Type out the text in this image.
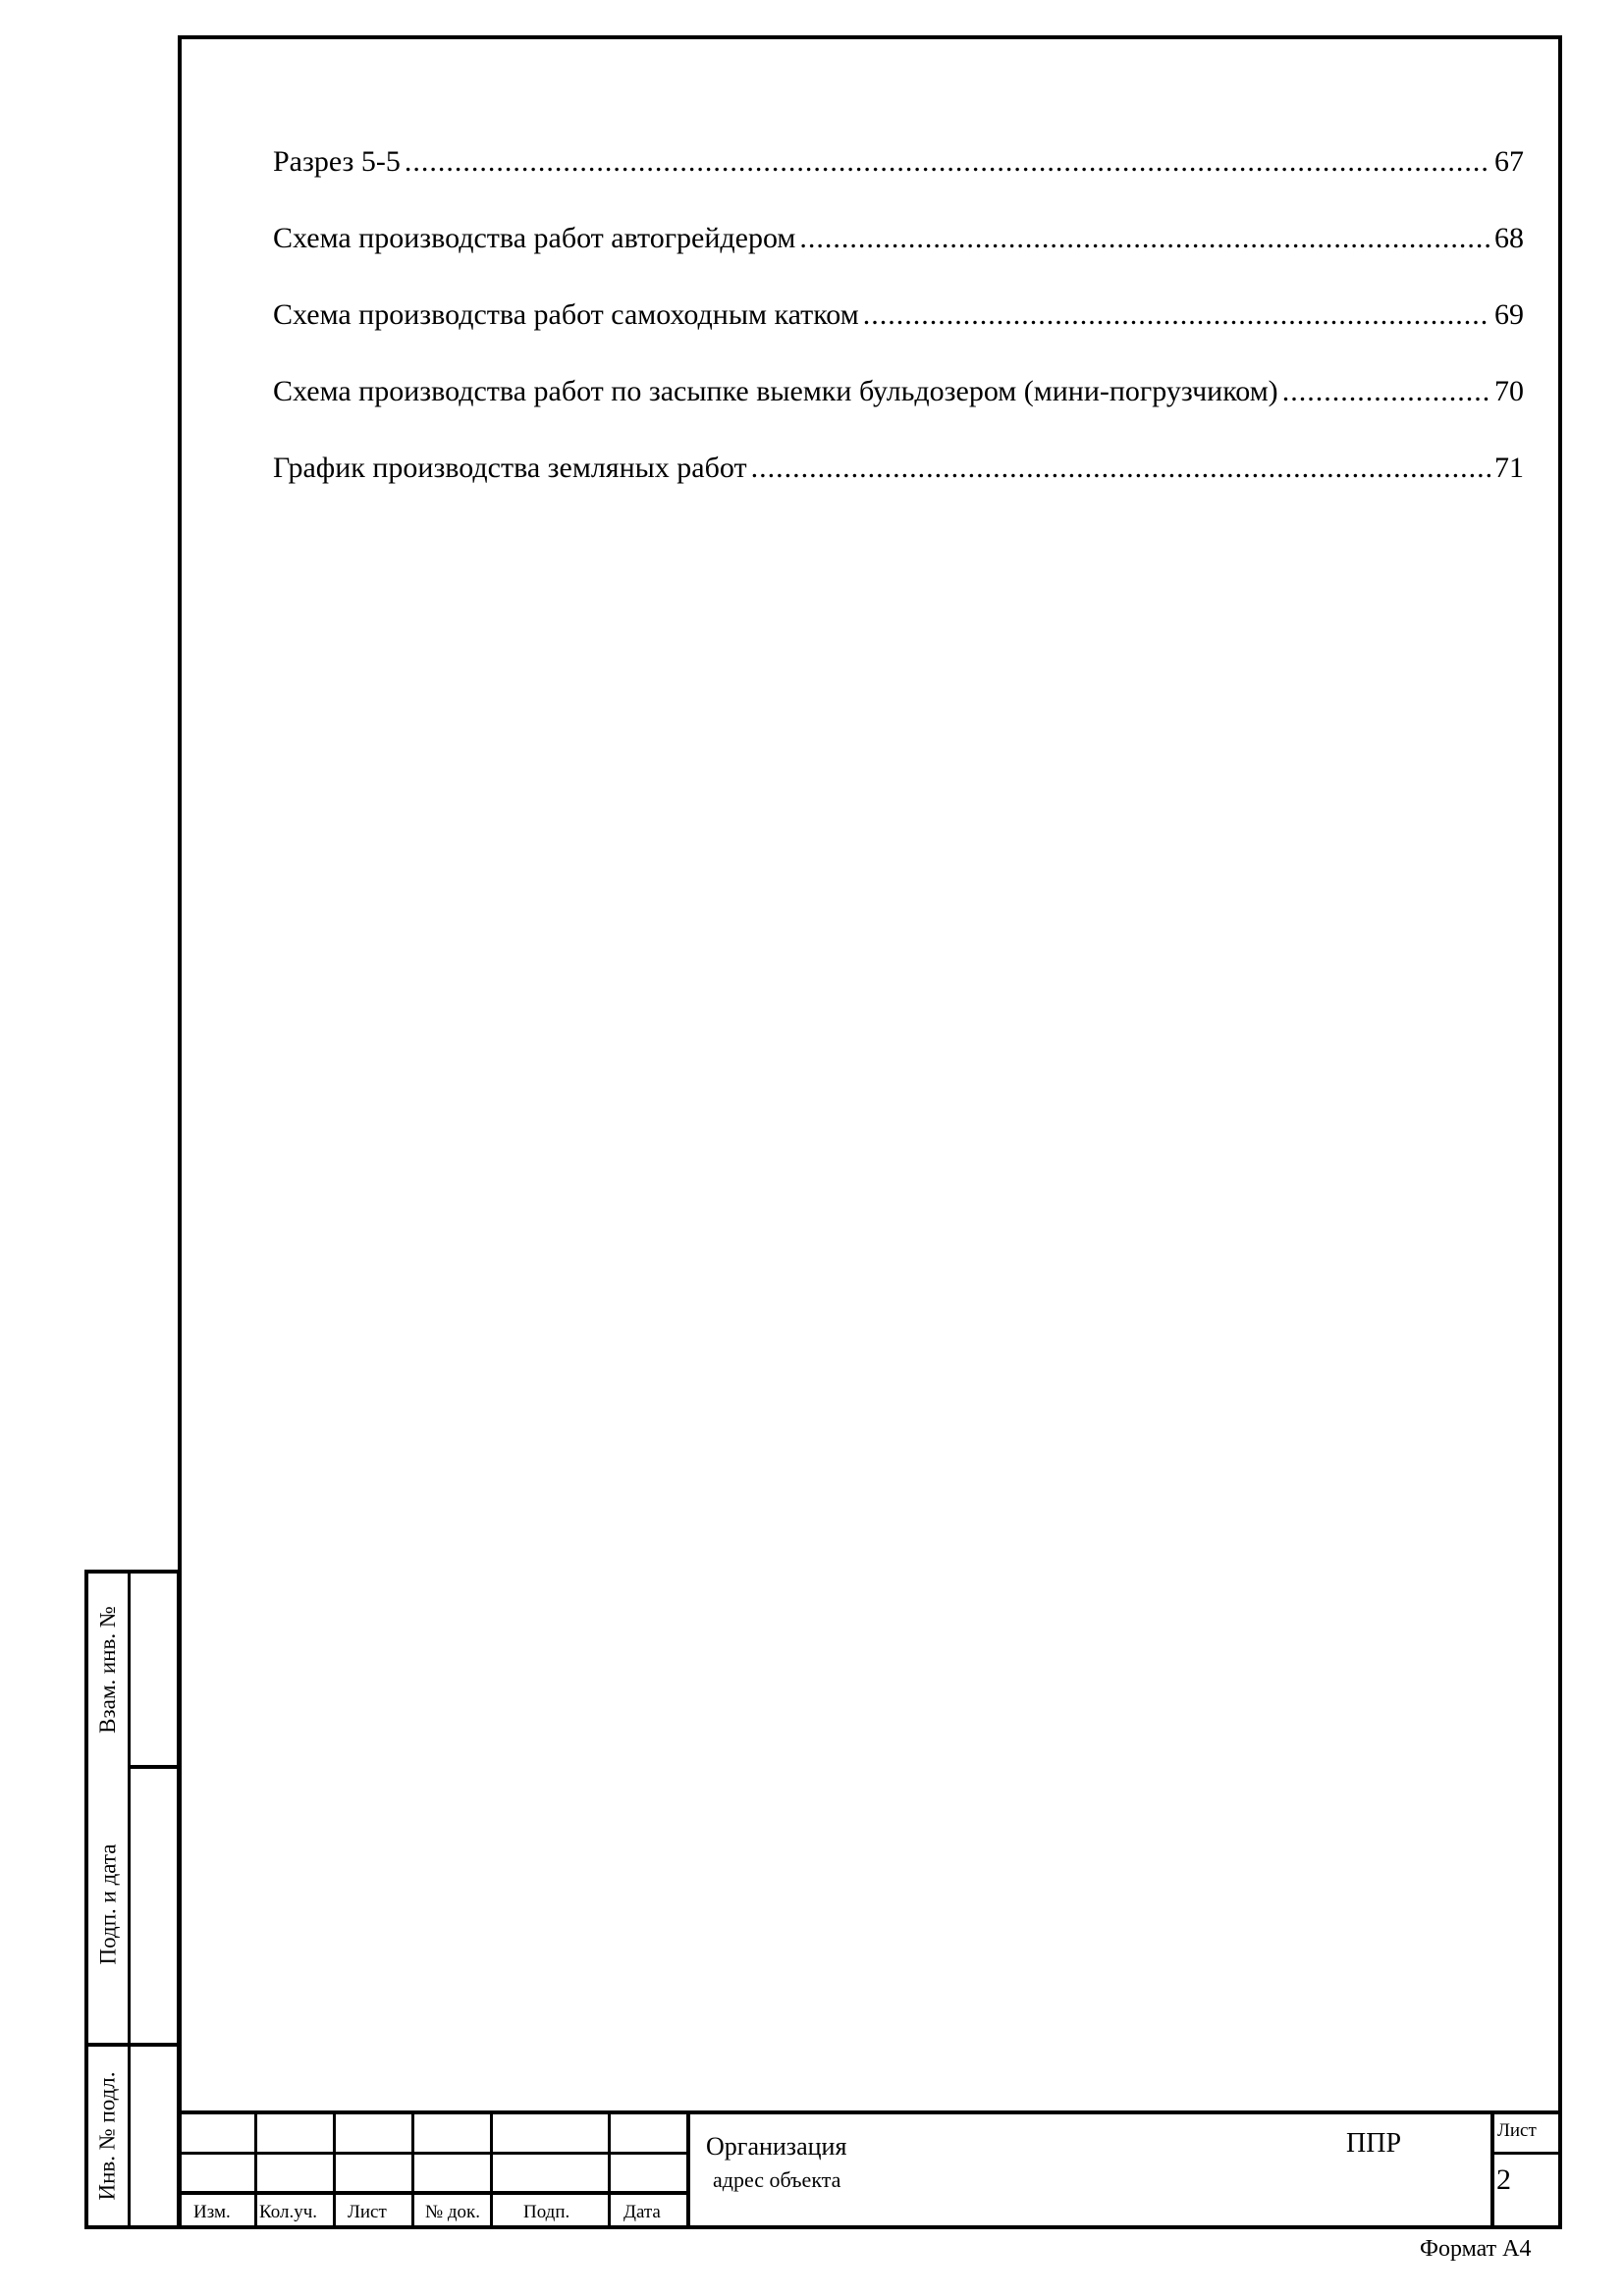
Разрез 5-5 .....	67
Схема производства работ автогрейдером .....	68
Схема производства работ самоходным катком .....	69
Схема производства работ по засыпке выемки бульдозером (мини-погрузчиком) .....	70
График производства земляных работ .....	71
Взам. инв. №
Подп. и дата
Инв. № подл.
Изм. Кол.уч. Лист № док. Подп.	Дата
Организация
адрес объекта
ППР	Лист
2
Формат А4
